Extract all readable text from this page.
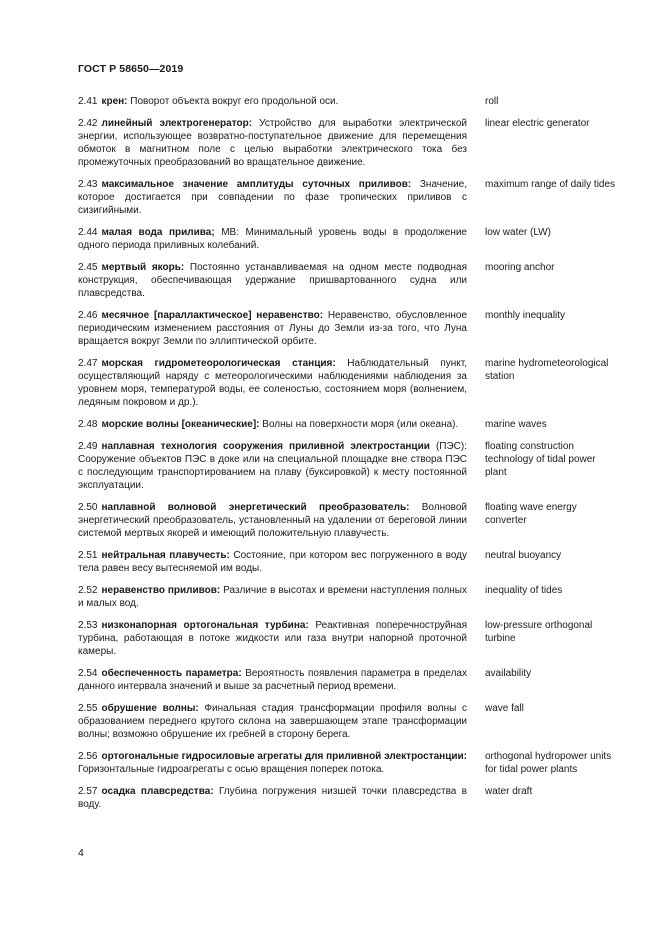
ГОСТ Р 58650—2019
2.41 крен: Поворот объекта вокруг его продольной оси.	roll
2.42 линейный электрогенератор: Устройство для выработки электрической энергии, использующее возвратно-поступательное движение для перемещения обмоток в магнитном поле с целью выработки электрического тока без промежуточных преобразований во вращательное движение.
linear electric generator
2.43 максимальное значение амплитуды суточных приливов: Значение, которое достигается при совпадении по фазе тропических приливов с сизигийными.
maximum range of daily tides
2.44 малая вода прилива; МВ: Минимальный уровень воды в продолжение одного периода приливных колебаний.
low water (LW)
2.45 мертвый якорь: Постоянно устанавливаемая на одном месте подводная конструкция, обеспечивающая удержание пришвартованного судна или плавсредства.
mooring anchor
2.46 месячное [параллактическое] неравенство: Неравенство, обусловленное периодическим изменением расстояния от Луны до Земли из-за того, что Луна вращается вокруг Земли по эллиптической орбите.
monthly inequality
2.47 морская гидрометеорологическая станция: Наблюдательный пункт, осуществляющий наряду с метеорологическими наблюдениями наблюдения за уровнем моря, температурой воды, ее соленостью, состоянием моря (волнением, ледяным покровом и др.).
marine hydrometeorological station
2.48 морские волны [океанические]: Волны на поверхности моря (или океана).	marine waves
2.49 наплавная технология сооружения приливной электростанции (ПЭС): Сооружение объектов ПЭС в доке или на специальной площадке вне створа ПЭС с последующим транспортированием на плаву (буксировкой) к месту постоянной эксплуатации.
floating construction technology of tidal power plant
2.50 наплавной волновой энергетический преобразователь: Волновой энергетический преобразователь, установленный на удалении от береговой линии системой мертвых якорей и имеющий положительную плавучесть.
floating wave energy converter
2.51 нейтральная плавучесть: Состояние, при котором вес погруженного в воду тела равен весу вытесняемой им воды.
neutral buoyancy
2.52 неравенство приливов: Различие в высотах и времени наступления полных и малых вод.
inequality of tides
2.53 низконапорная ортогональная турбина: Реактивная поперечноструйная турбина, работающая в потоке жидкости или газа внутри напорной проточной камеры.
low-pressure orthogonal turbine
2.54 обеспеченность параметра: Вероятность появления параметра в пределах данного интервала значений и выше за расчетный период времени.
availability
2.55 обрушение волны: Финальная стадия трансформации профиля волны с образованием переднего крутого склона на завершающем этапе трансформации волны; возможно обрушение их гребней в сторону берега.
wave fall
2.56 ортогональные гидросиловые агрегаты для приливной электростанции: Горизонтальные гидроагрегаты с осью вращения поперек потока.
orthogonal hydropower units for tidal power plants
2.57 осадка плавсредства: Глубина погружения низшей точки плавсредства в воду.
water draft
4
